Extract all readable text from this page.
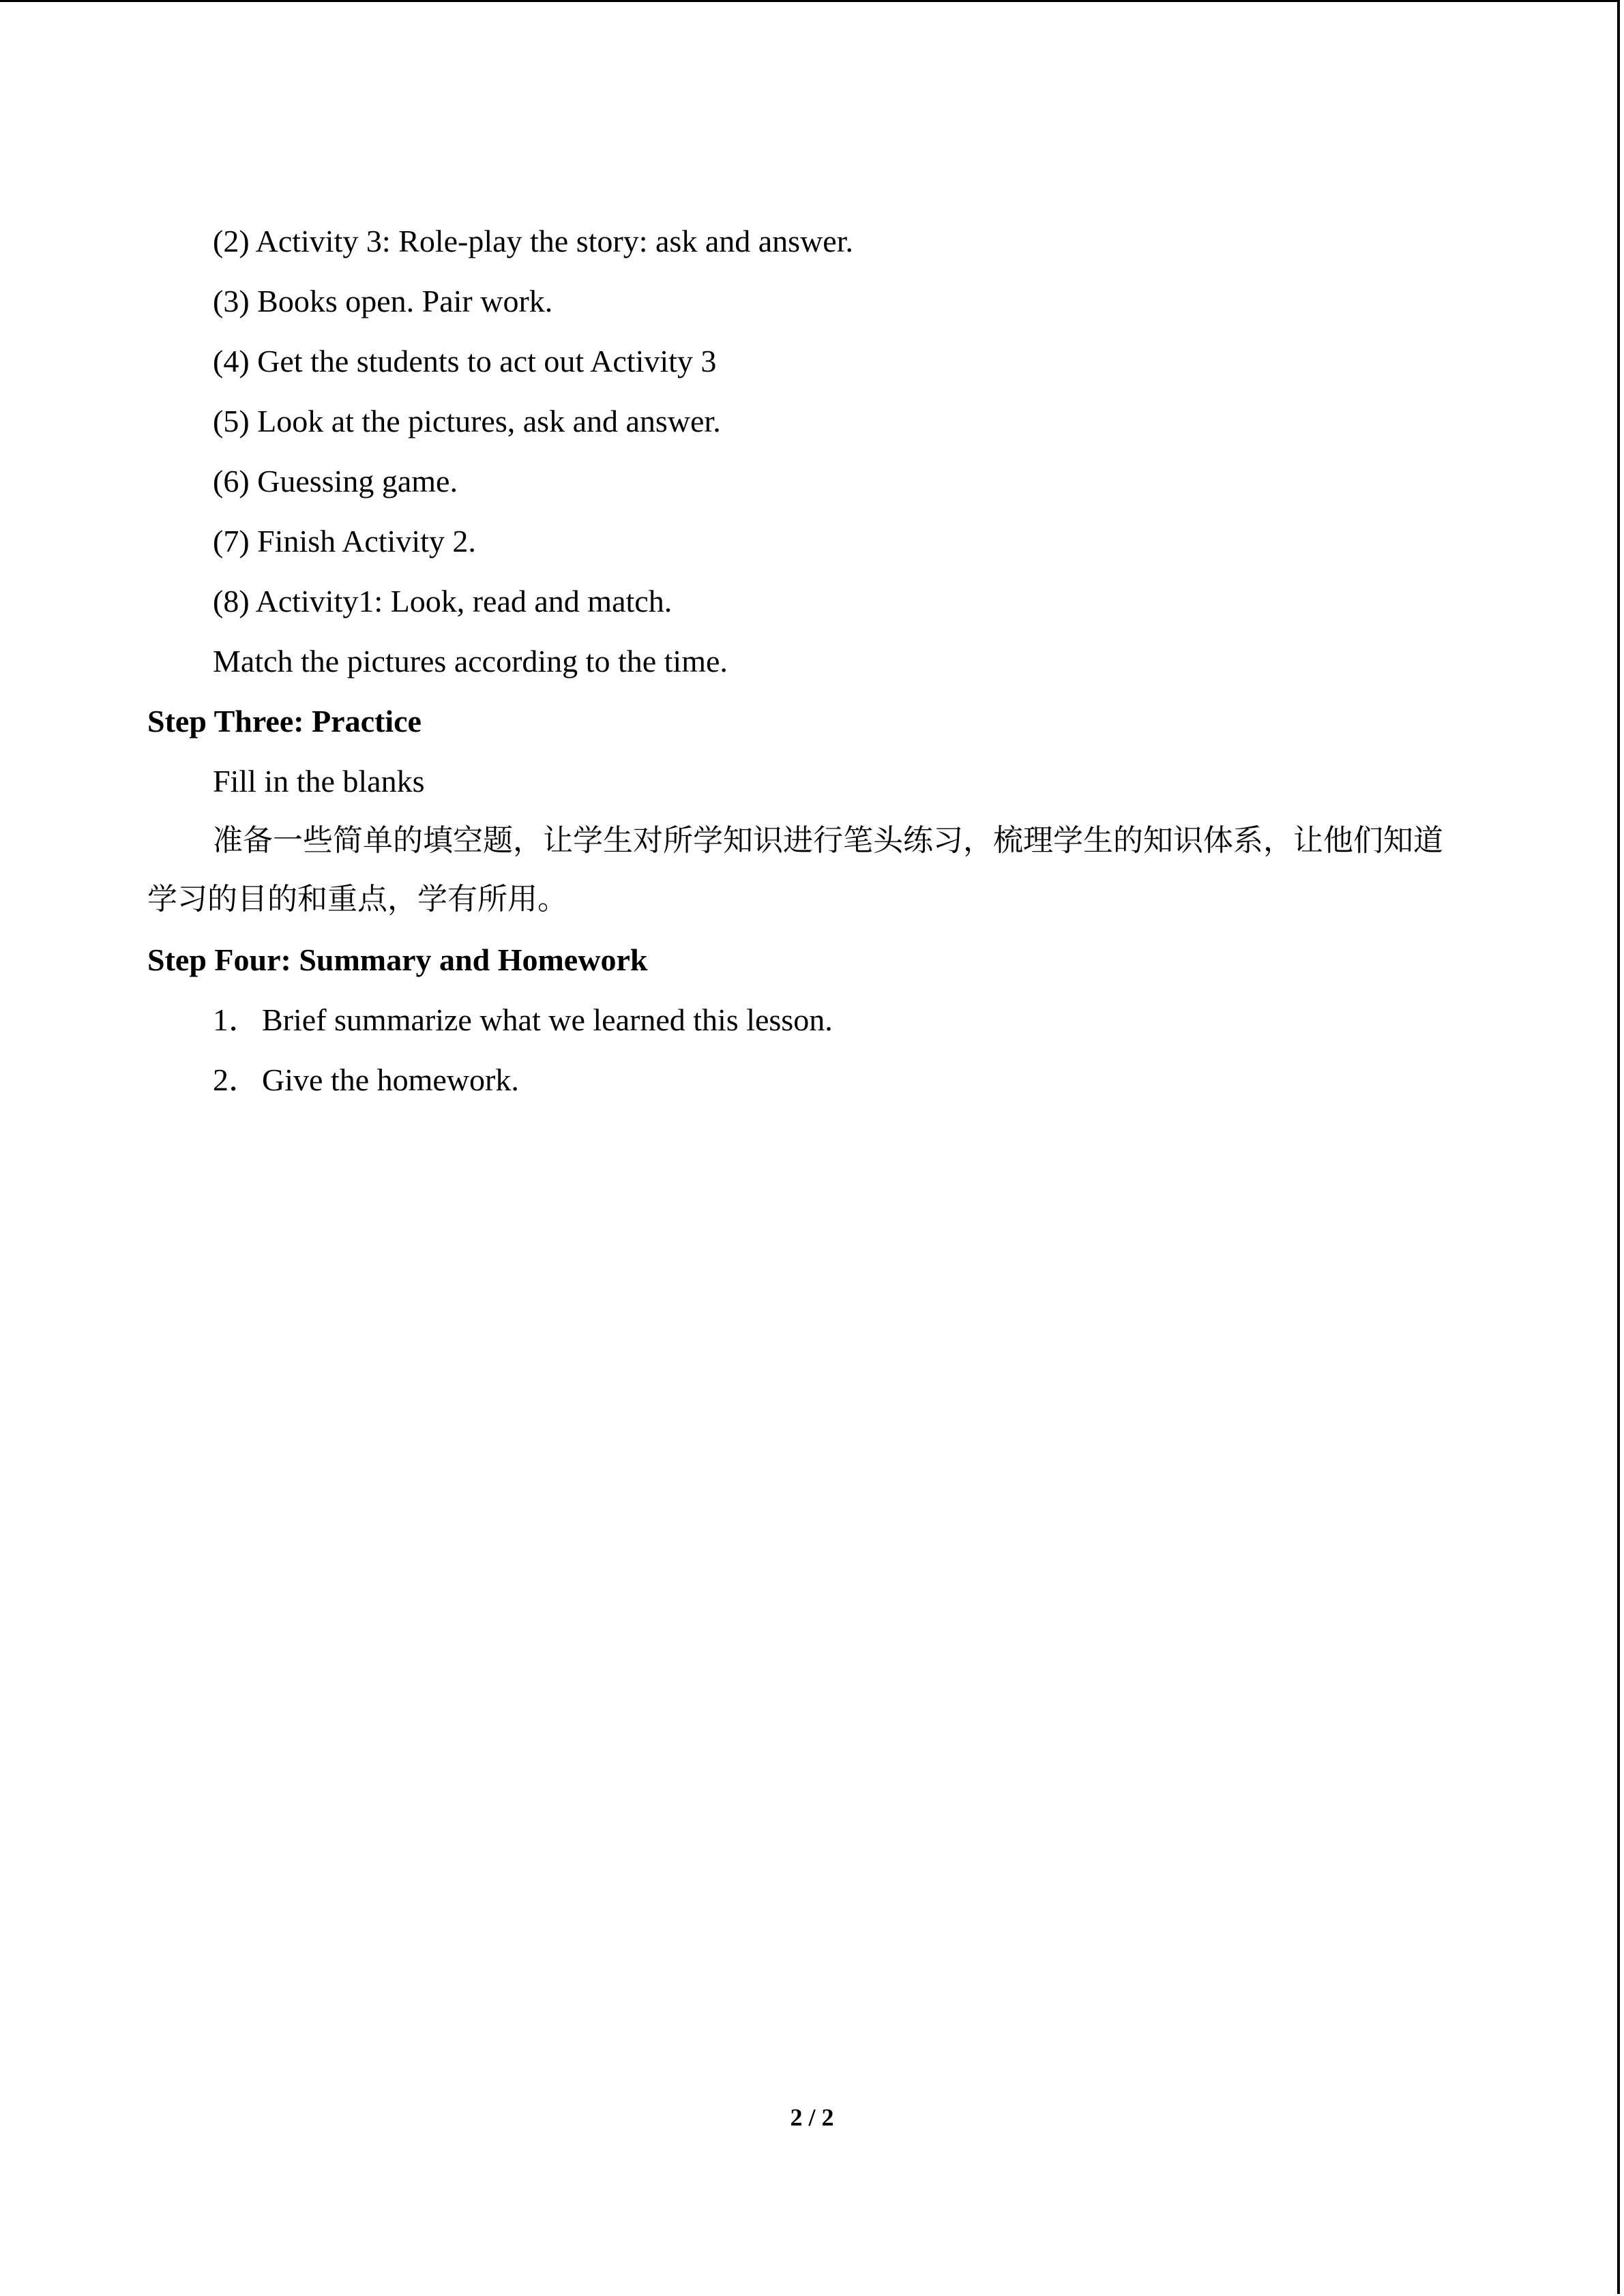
(2) Activity 3: Role-play the story: ask and answer.
(3) Books open. Pair work.
(4) Get the students to act out Activity 3
(5) Look at the pictures, ask and answer.
(6) Guessing game.
(7) Finish Activity 2.
(8) Activity1: Look, read and match.
Match the pictures according to the time.
Step Three: Practice
Fill in the blanks

准备一些简单的填空题，让学生对所学知识进行笔头练习，梳理学生的知识体系，让他们知道学习的目的和重点，学有所用。

Step Four: Summary and Homework
1．Brief summarize what we learned this lesson.
2．Give the homework.
2 / 2
